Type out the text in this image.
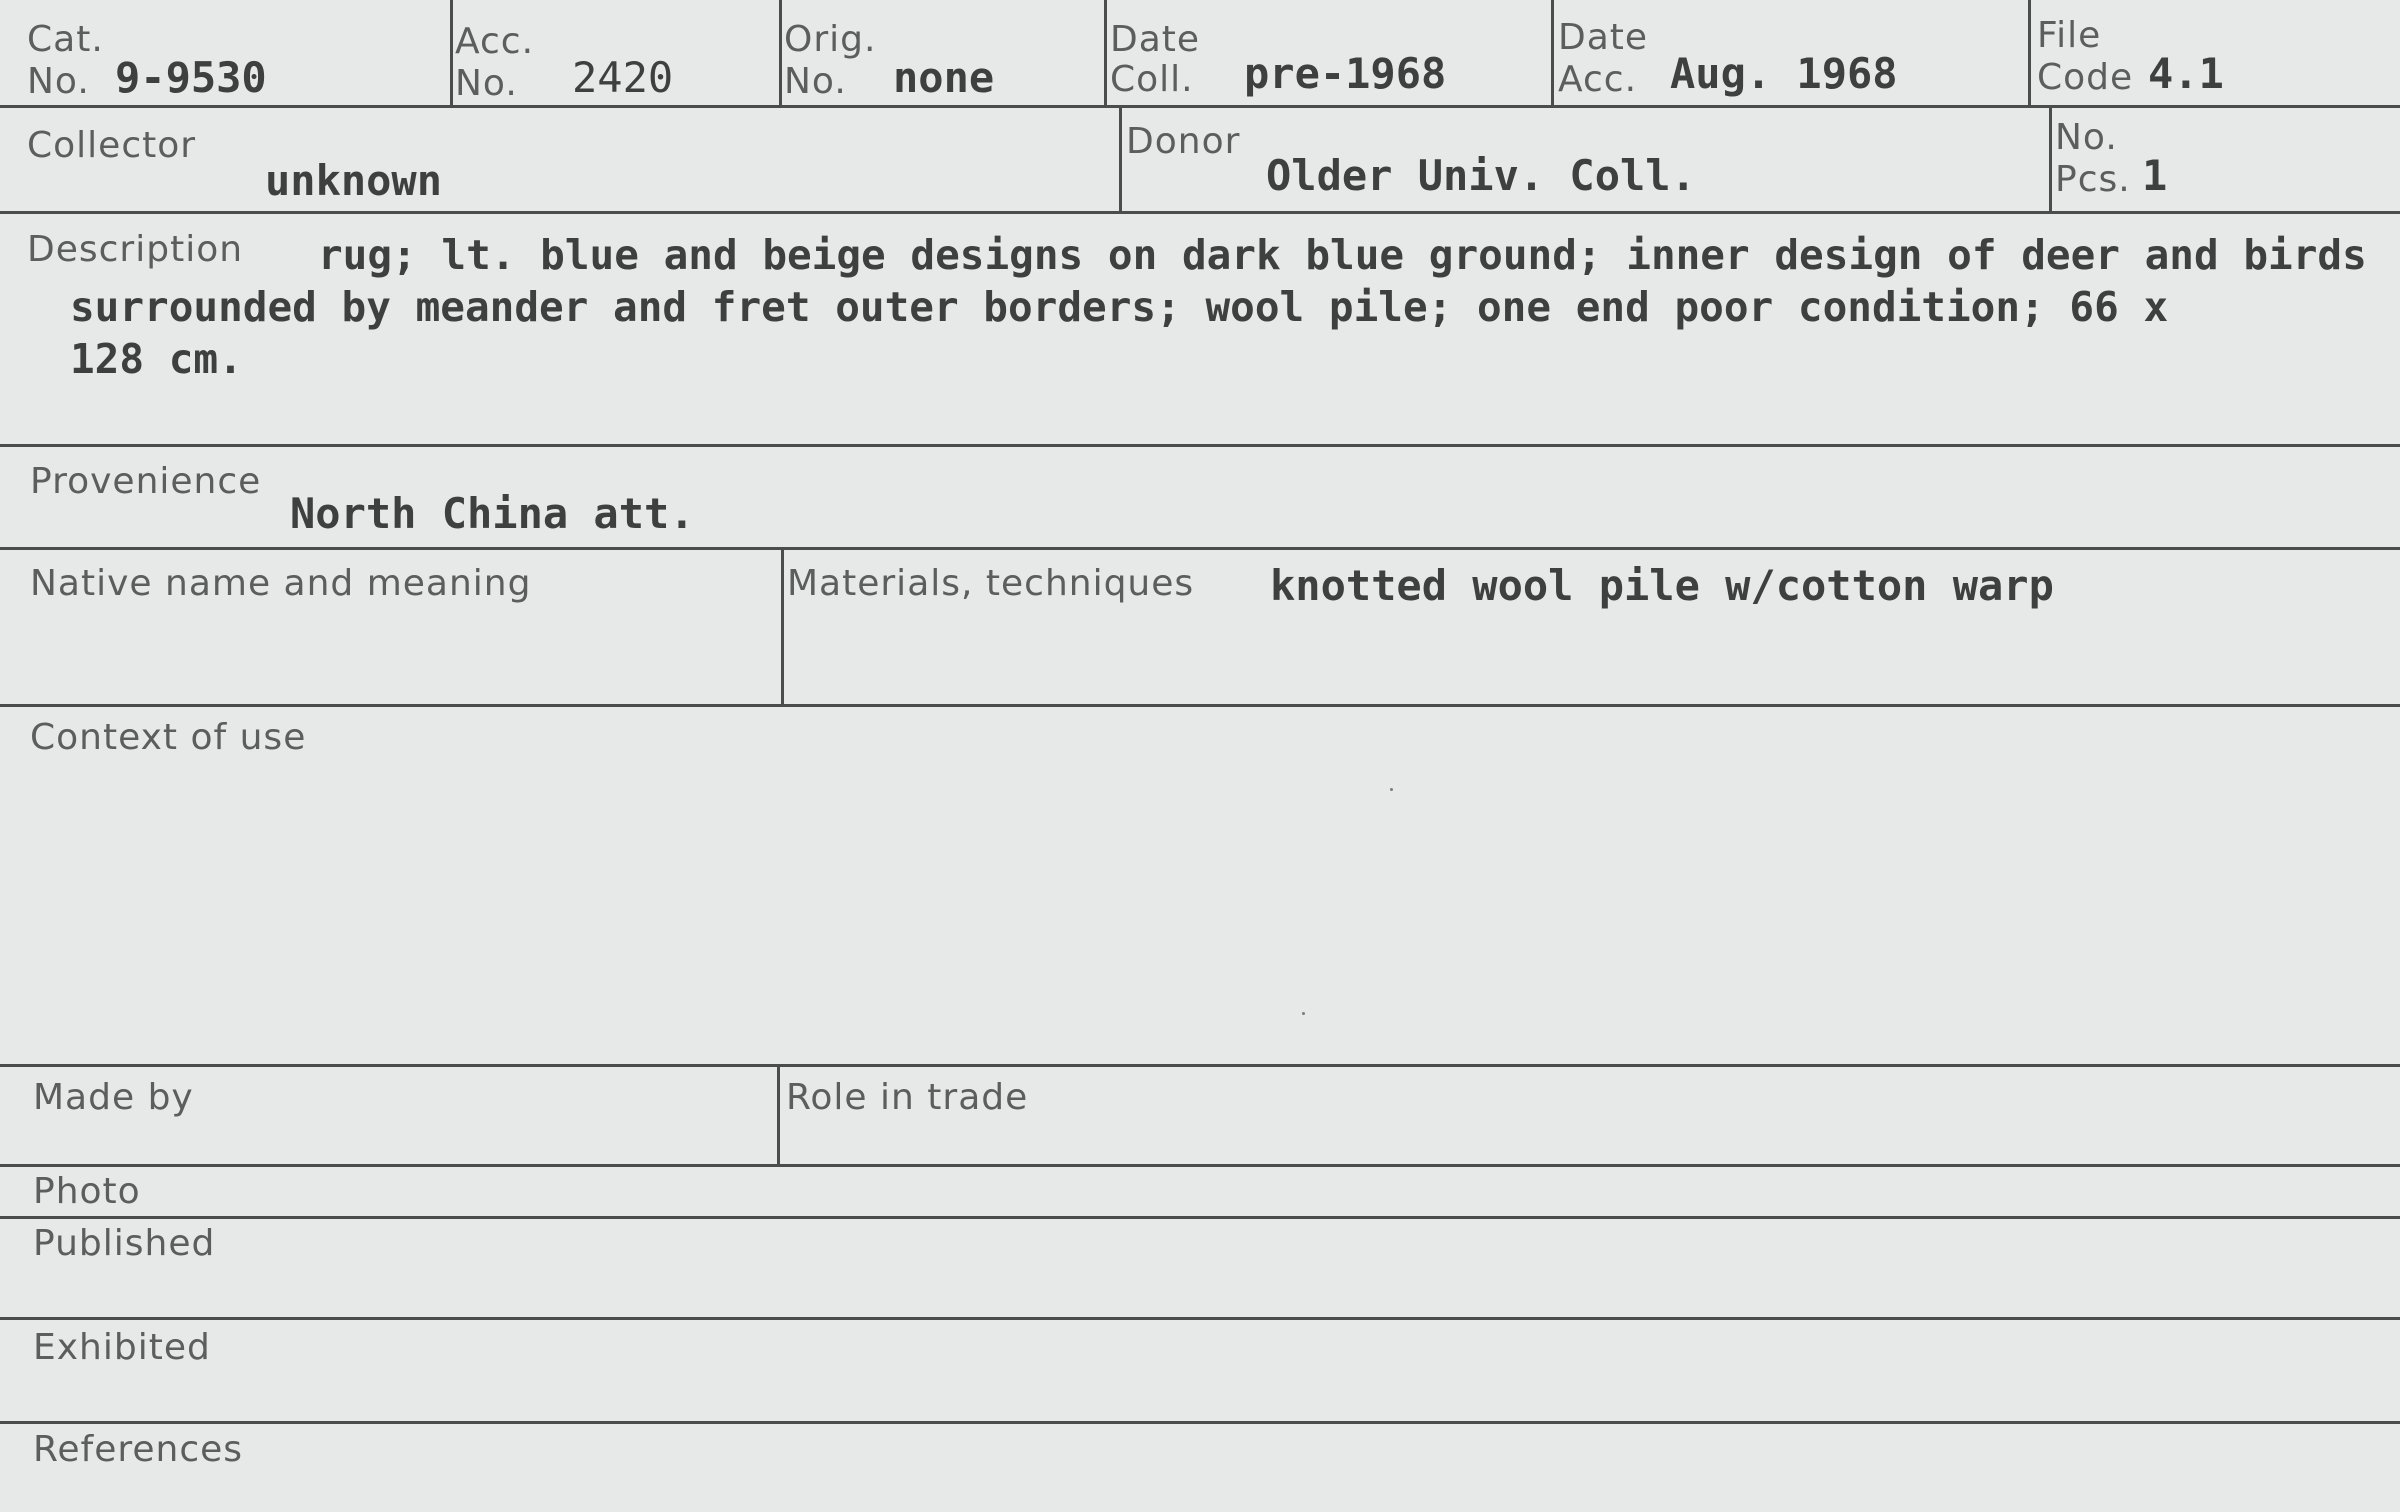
Cat.
No. 9-9530
Acc.
No. 2420
Orig.
No. none
Date
Coll. pre-1968
Date
Acc. Aug. 1968
File
Code 4.1
Collector
unknown
Donor
Older Univ. Coll.
No.
Pcs. 1
Description rug; lt. blue and beige designs on dark blue ground; inner design of deer and birds
surrounded by meander and fret outer borders; wool pile; one end poor condition; 66 x
128 cm.
Provenience
North China att.
Native name and meaning	Materials, techniques knotted wool pile w/cotton warp
Context of use
Made by	Role in trade
Photo
Published
Exhibited
References
